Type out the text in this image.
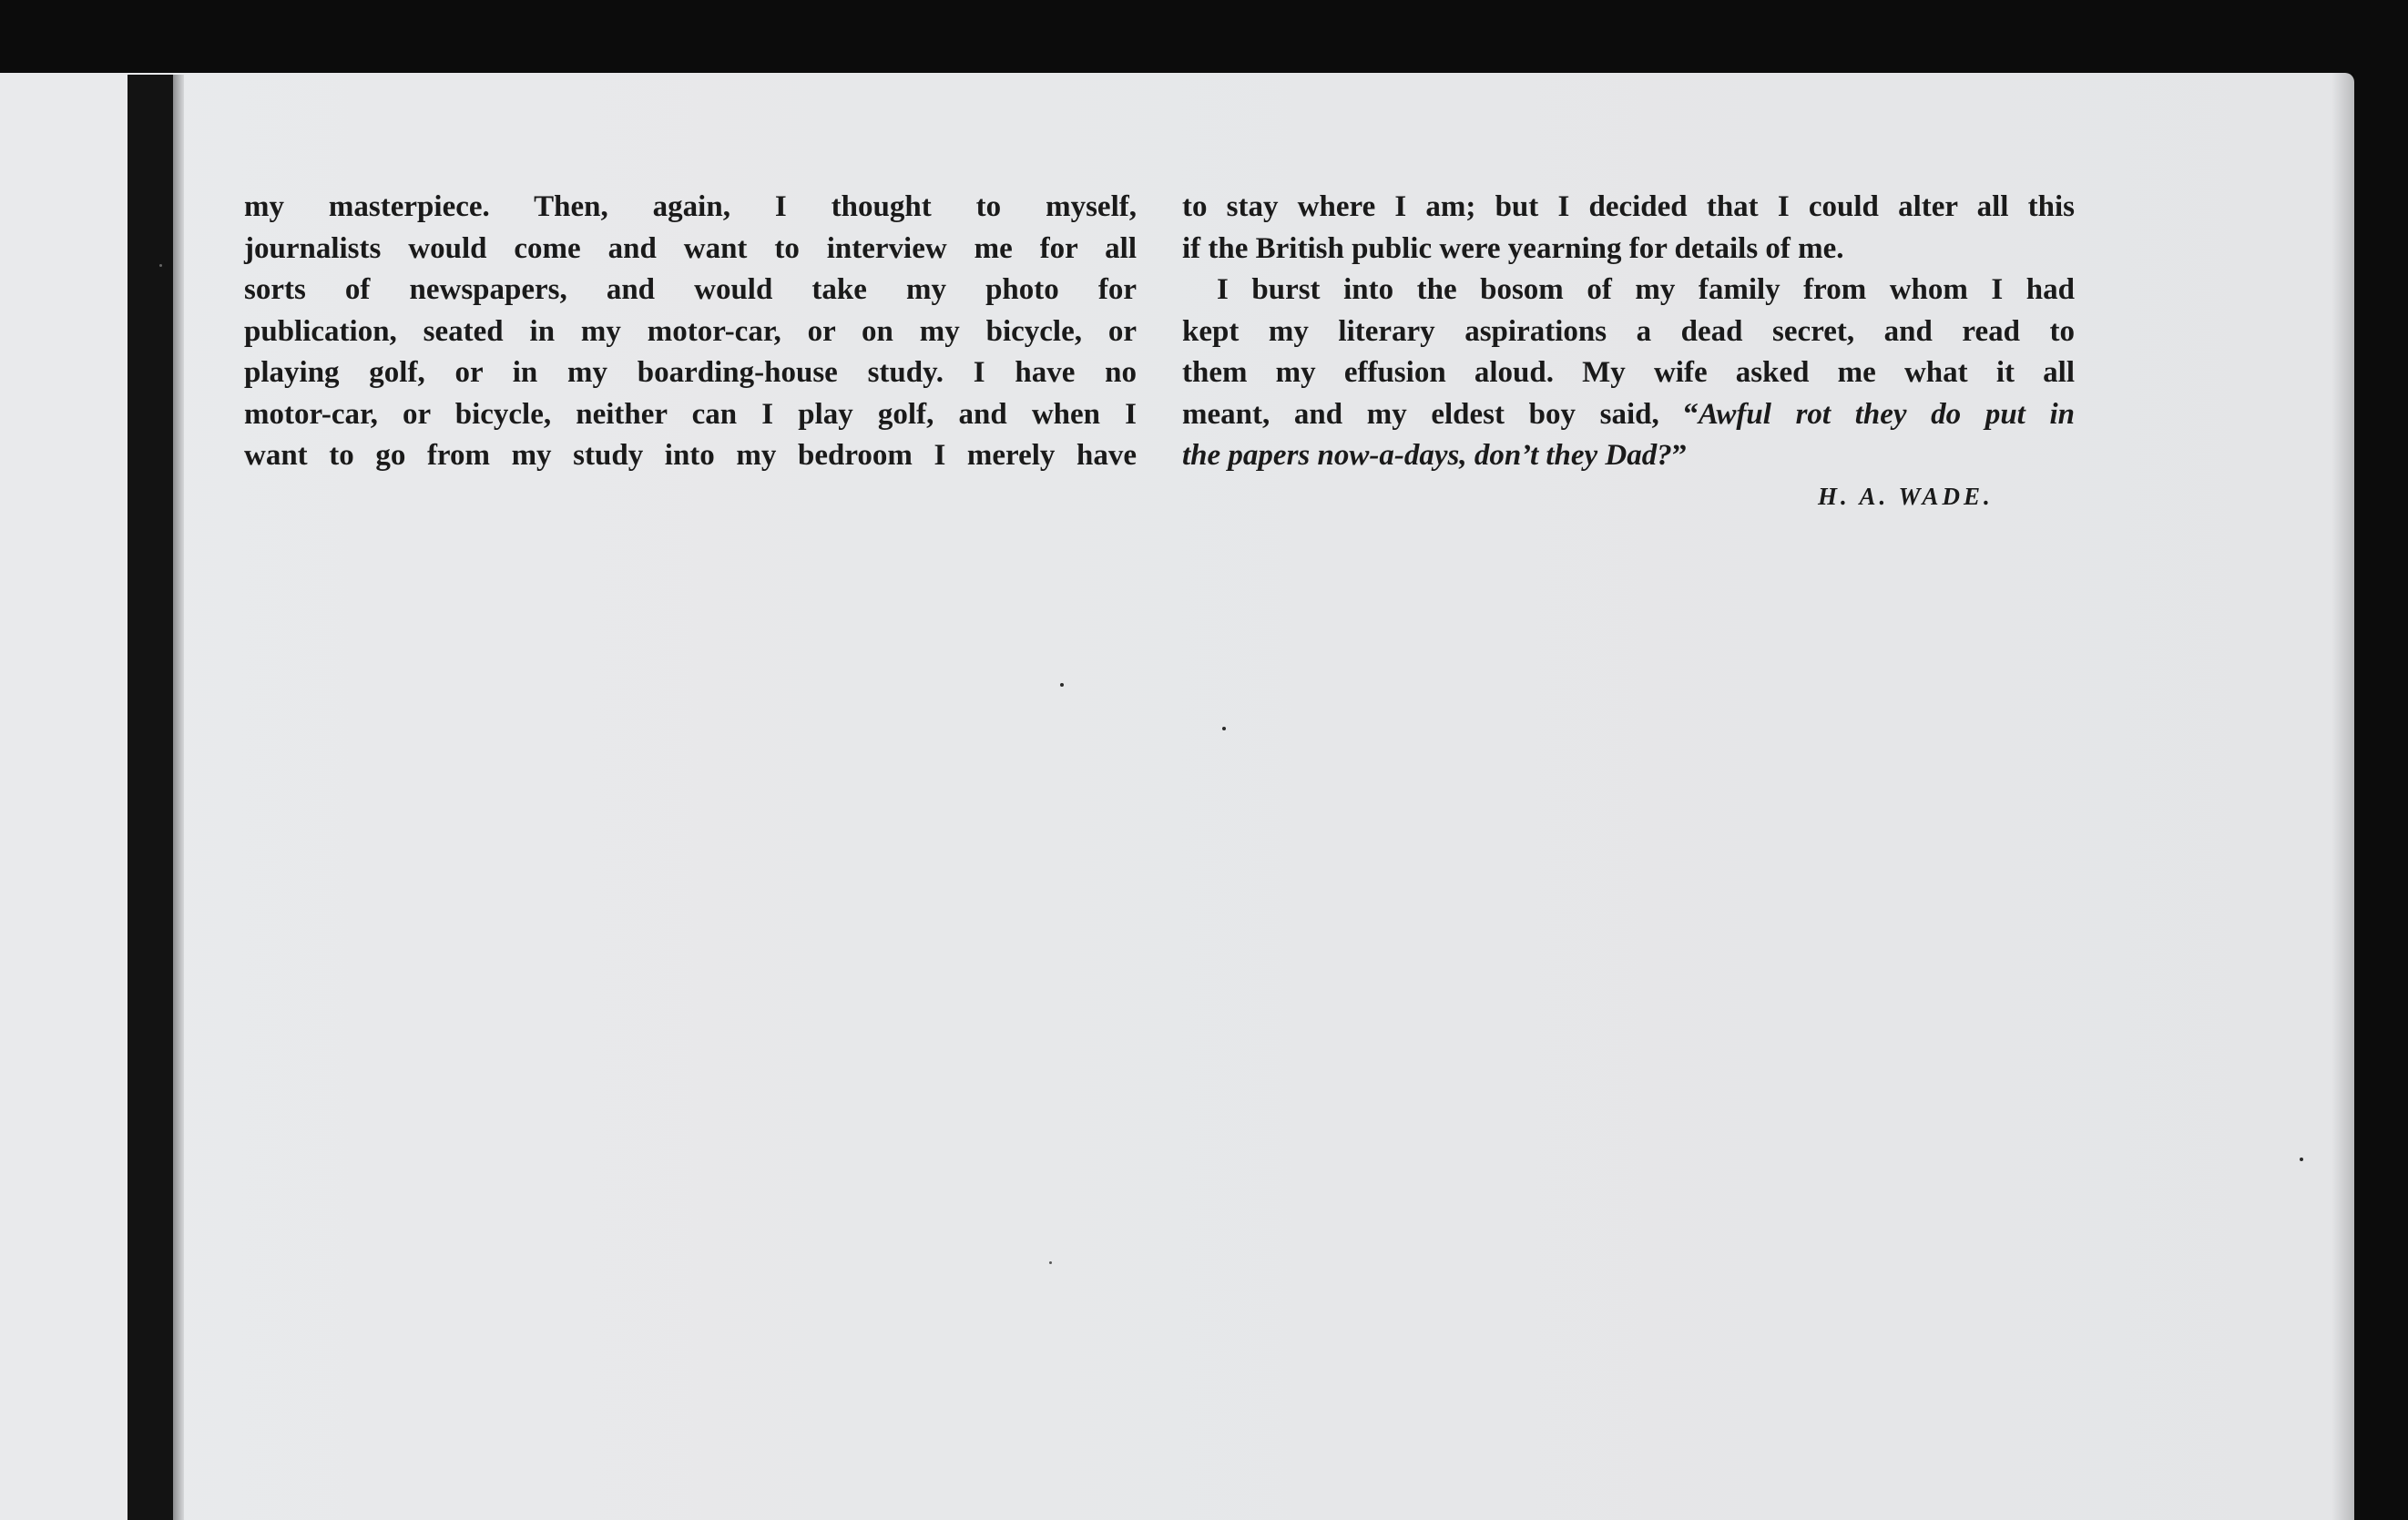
my masterpiece. Then, again, I thought to myself,
journalists would come and want to interview me for all
sorts of newspapers, and would take my photo for
publication, seated in my motor-car, or on my bicycle, or
playing golf, or in my boarding-house study. I have no
motor-car, or bicycle, neither can I play golf, and when I
want to go from my study into my bedroom I merely have
to stay where I am; but I decided that I could alter all this
if the British public were yearning for details of me.
I burst into the bosom of my family from whom I had
kept my literary aspirations a dead secret, and read to
them my effusion aloud. My wife asked me what it all
meant, and my eldest boy said, “Awful rot they do put in
the papers now-a-days, don’t they Dad?”
H. A. WADE.
